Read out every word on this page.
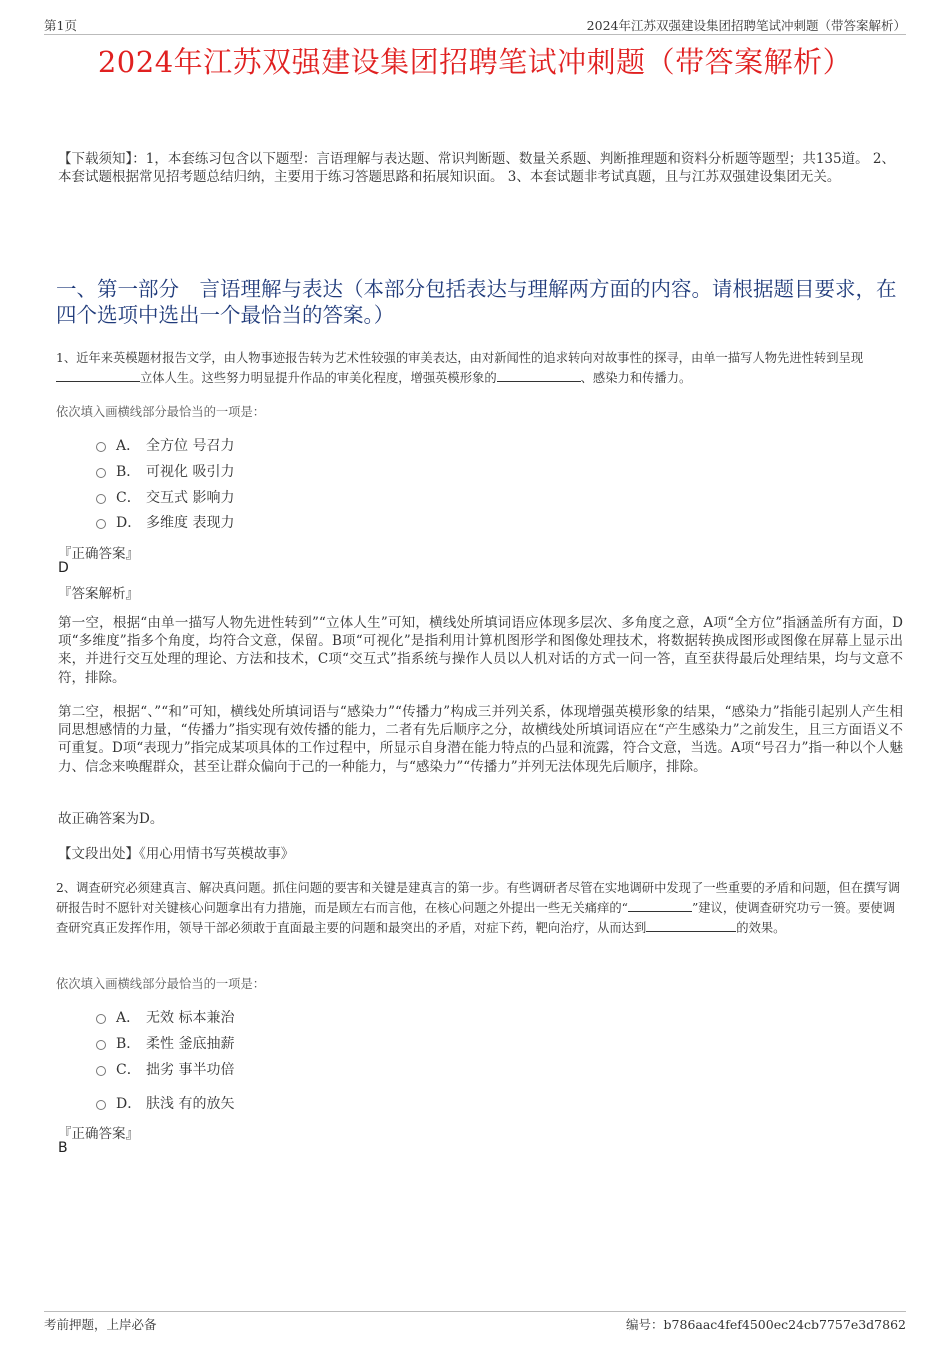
第1页	2024年江苏双强建设集团招聘笔试冲刺题（带答案解析）
2024年江苏双强建设集团招聘笔试冲刺题（带答案解析）
【下载须知】：1，本套练习包含以下题型：言语理解与表达题、常识判断题、数量关系题、判断推理题和资料分析题等题型；共135道。 2、本套试题根据常见招考题总结归纳，主要用于练习答题思路和拓展知识面。 3、本套试题非考试真题，且与江苏双强建设集团无关。
一、第一部分　言语理解与表达（本部分包括表达与理解两方面的内容。请根据题目要求，在四个选项中选出一个最恰当的答案。）
1、近年来英模题材报告文学，由人物事迹报告转为艺术性较强的审美表达，由对新闻性的追求转向对故事性的探寻，由单一描写人物先进性转到呈现立体人生。这些努力明显提升作品的审美化程度，增强英模形象的	、感染力和传播力。
依次填入画横线部分最恰当的一项是：
A． 全方位 号召力
B． 可视化 吸引力
C． 交互式 影响力
D． 多维度 表现力
『正确答案』
D
『答案解析』
第一空，根据“由单一描写人物先进性转到”“立体人生”可知，横线处所填词语应体现多层次、多角度之意，A项“全方位”指涵盖所有方面，D项“多维度”指多个角度，均符合文意，保留。B项“可视化”是指利用计算机图形学和图像处理技术，将数据转换成图形或图像在屏幕上显示出来，并进行交互处理的理论、方法和技术，C项“交互式”指系统与操作人员以人机对话的方式一问一答，直至获得最后处理结果，均与文意不符，排除。
第二空，根据“、”“和”可知，横线处所填词语与“感染力”“传播力”构成三并列关系，体现增强英模形象的结果，“感染力”指能引起别人产生相同思想感情的力量，“传播力”指实现有效传播的能力，二者有先后顺序之分，故横线处所填词语应在“产生感染力”之前发生，且三方面语义不可重复。D项“表现力”指完成某项具体的工作过程中，所显示自身潜在能力特点的凸显和流露，符合文意，当选。A项“号召力”指一种以个人魅力、信念来唤醒群众，甚至让群众偏向于己的一种能力，与“感染力”“传播力”并列无法体现先后顺序，排除。
故正确答案为D。
【文段出处】《用心用情书写英模故事》
2、调查研究必须建真言、解决真问题。抓住问题的要害和关键是建真言的第一步。有些调研者尽管在实地调研中发现了一些重要的矛盾和问题，但在撰写调研报告时不愿针对关键核心问题拿出有力措施，而是顾左右而言他，在核心问题之外提出一些无关痛痒的“	”建议，使调查研究功亏一篑。要使调查研究真正发挥作用，领导干部必须敢于直面最主要的问题和最突出的矛盾，对症下药，靶向治疗，从而达到	的效果。
依次填入画横线部分最恰当的一项是：
A． 无效 标本兼治
B． 柔性 釜底抽薪
C． 拙劣 事半功倍
D． 肤浅 有的放矢
『正确答案』
B
考前押题，上岸必备	编号：b786aac4fef4500ec24cb7757e3d7862
